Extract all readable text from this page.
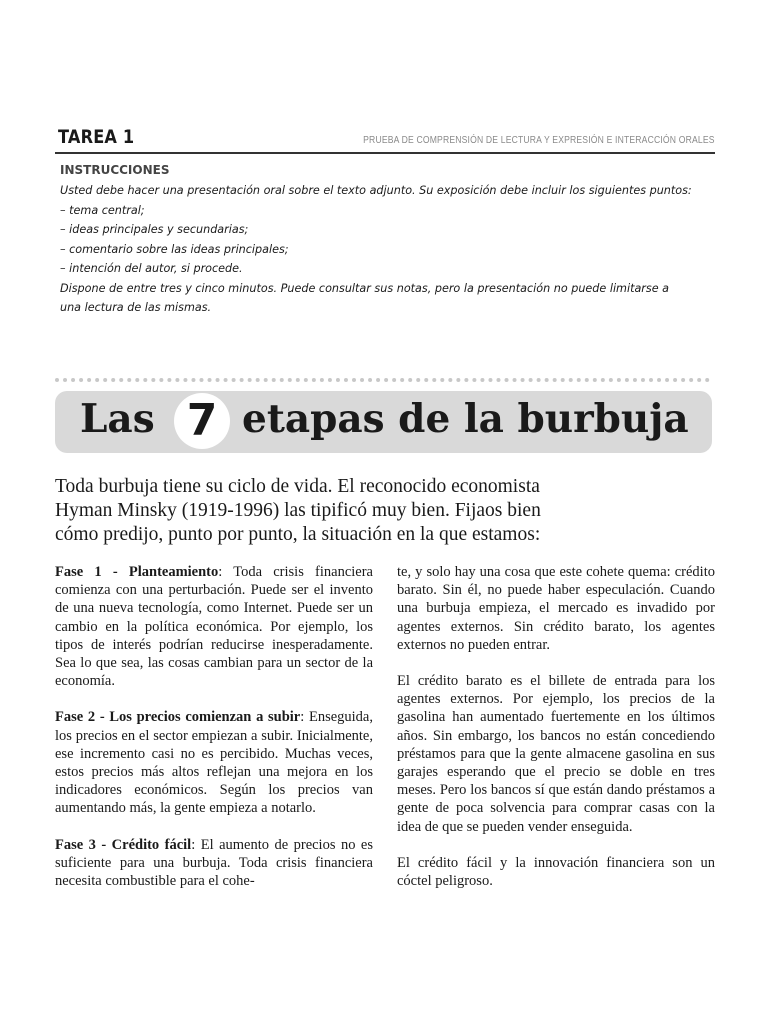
TAREA 1	PRUEBA DE COMPRENSIÓN DE LECTURA Y EXPRESIÓN E INTERACCIÓN ORALES
INSTRUCCIONES

Usted debe hacer una presentación oral sobre el texto adjunto. Su exposición debe incluir los siguientes puntos:

– tema central;

– ideas principales y secundarias;

– comentario sobre las ideas principales;

– intención del autor, si procede.

Dispone de entre tres y cinco minutos. Puede consultar sus notas, pero la presentación no puede limitarse a

una lectura de las mismas.

Las 7 etapas de la burbuja

Toda burbuja tiene su ciclo de vida. El reconocido economista

Hyman Minsky (1919-1996) las tipificó muy bien. Fijaos bien

cómo predijo, punto por punto, la situación en la que estamos:

Fase 1 - Planteamiento: Toda crisis financiera comienza con una perturbación. Puede ser el invento de una nueva tecnología, como Internet. Puede ser un cambio en la política económica. Por ejemplo, los tipos de interés podrían reducirse inesperadamente. Sea lo que sea, las cosas cambian para un sector de la economía.

Fase 2 - Los precios comienzan a subir: Enseguida, los precios en el sector empiezan a subir. Inicialmente, ese incremento casi no es percibido. Muchas veces, estos precios más altos reflejan una mejora en los indicadores económicos. Según los precios van aumentando más, la gente empieza a notarlo.

Fase 3 - Crédito fácil: El aumento de precios no es suficiente para una burbuja. Toda crisis financiera necesita combustible para el cohe-

te, y solo hay una cosa que este cohete quema: crédito barato. Sin él, no puede haber especulación. Cuando una burbuja empieza, el mercado es invadido por agentes externos. Sin crédito barato, los agentes externos no pueden entrar.

El crédito barato es el billete de entrada para los agentes externos. Por ejemplo, los precios de la gasolina han aumentado fuertemente en los últimos años. Sin embargo, los bancos no están concediendo préstamos para que la gente almacene gasolina en sus garajes esperando que el precio se doble en tres meses. Pero los bancos sí que están dando préstamos a gente de poca solvencia para comprar casas con la idea de que se pueden vender enseguida.

El crédito fácil y la innovación financiera son un cóctel peligroso.
